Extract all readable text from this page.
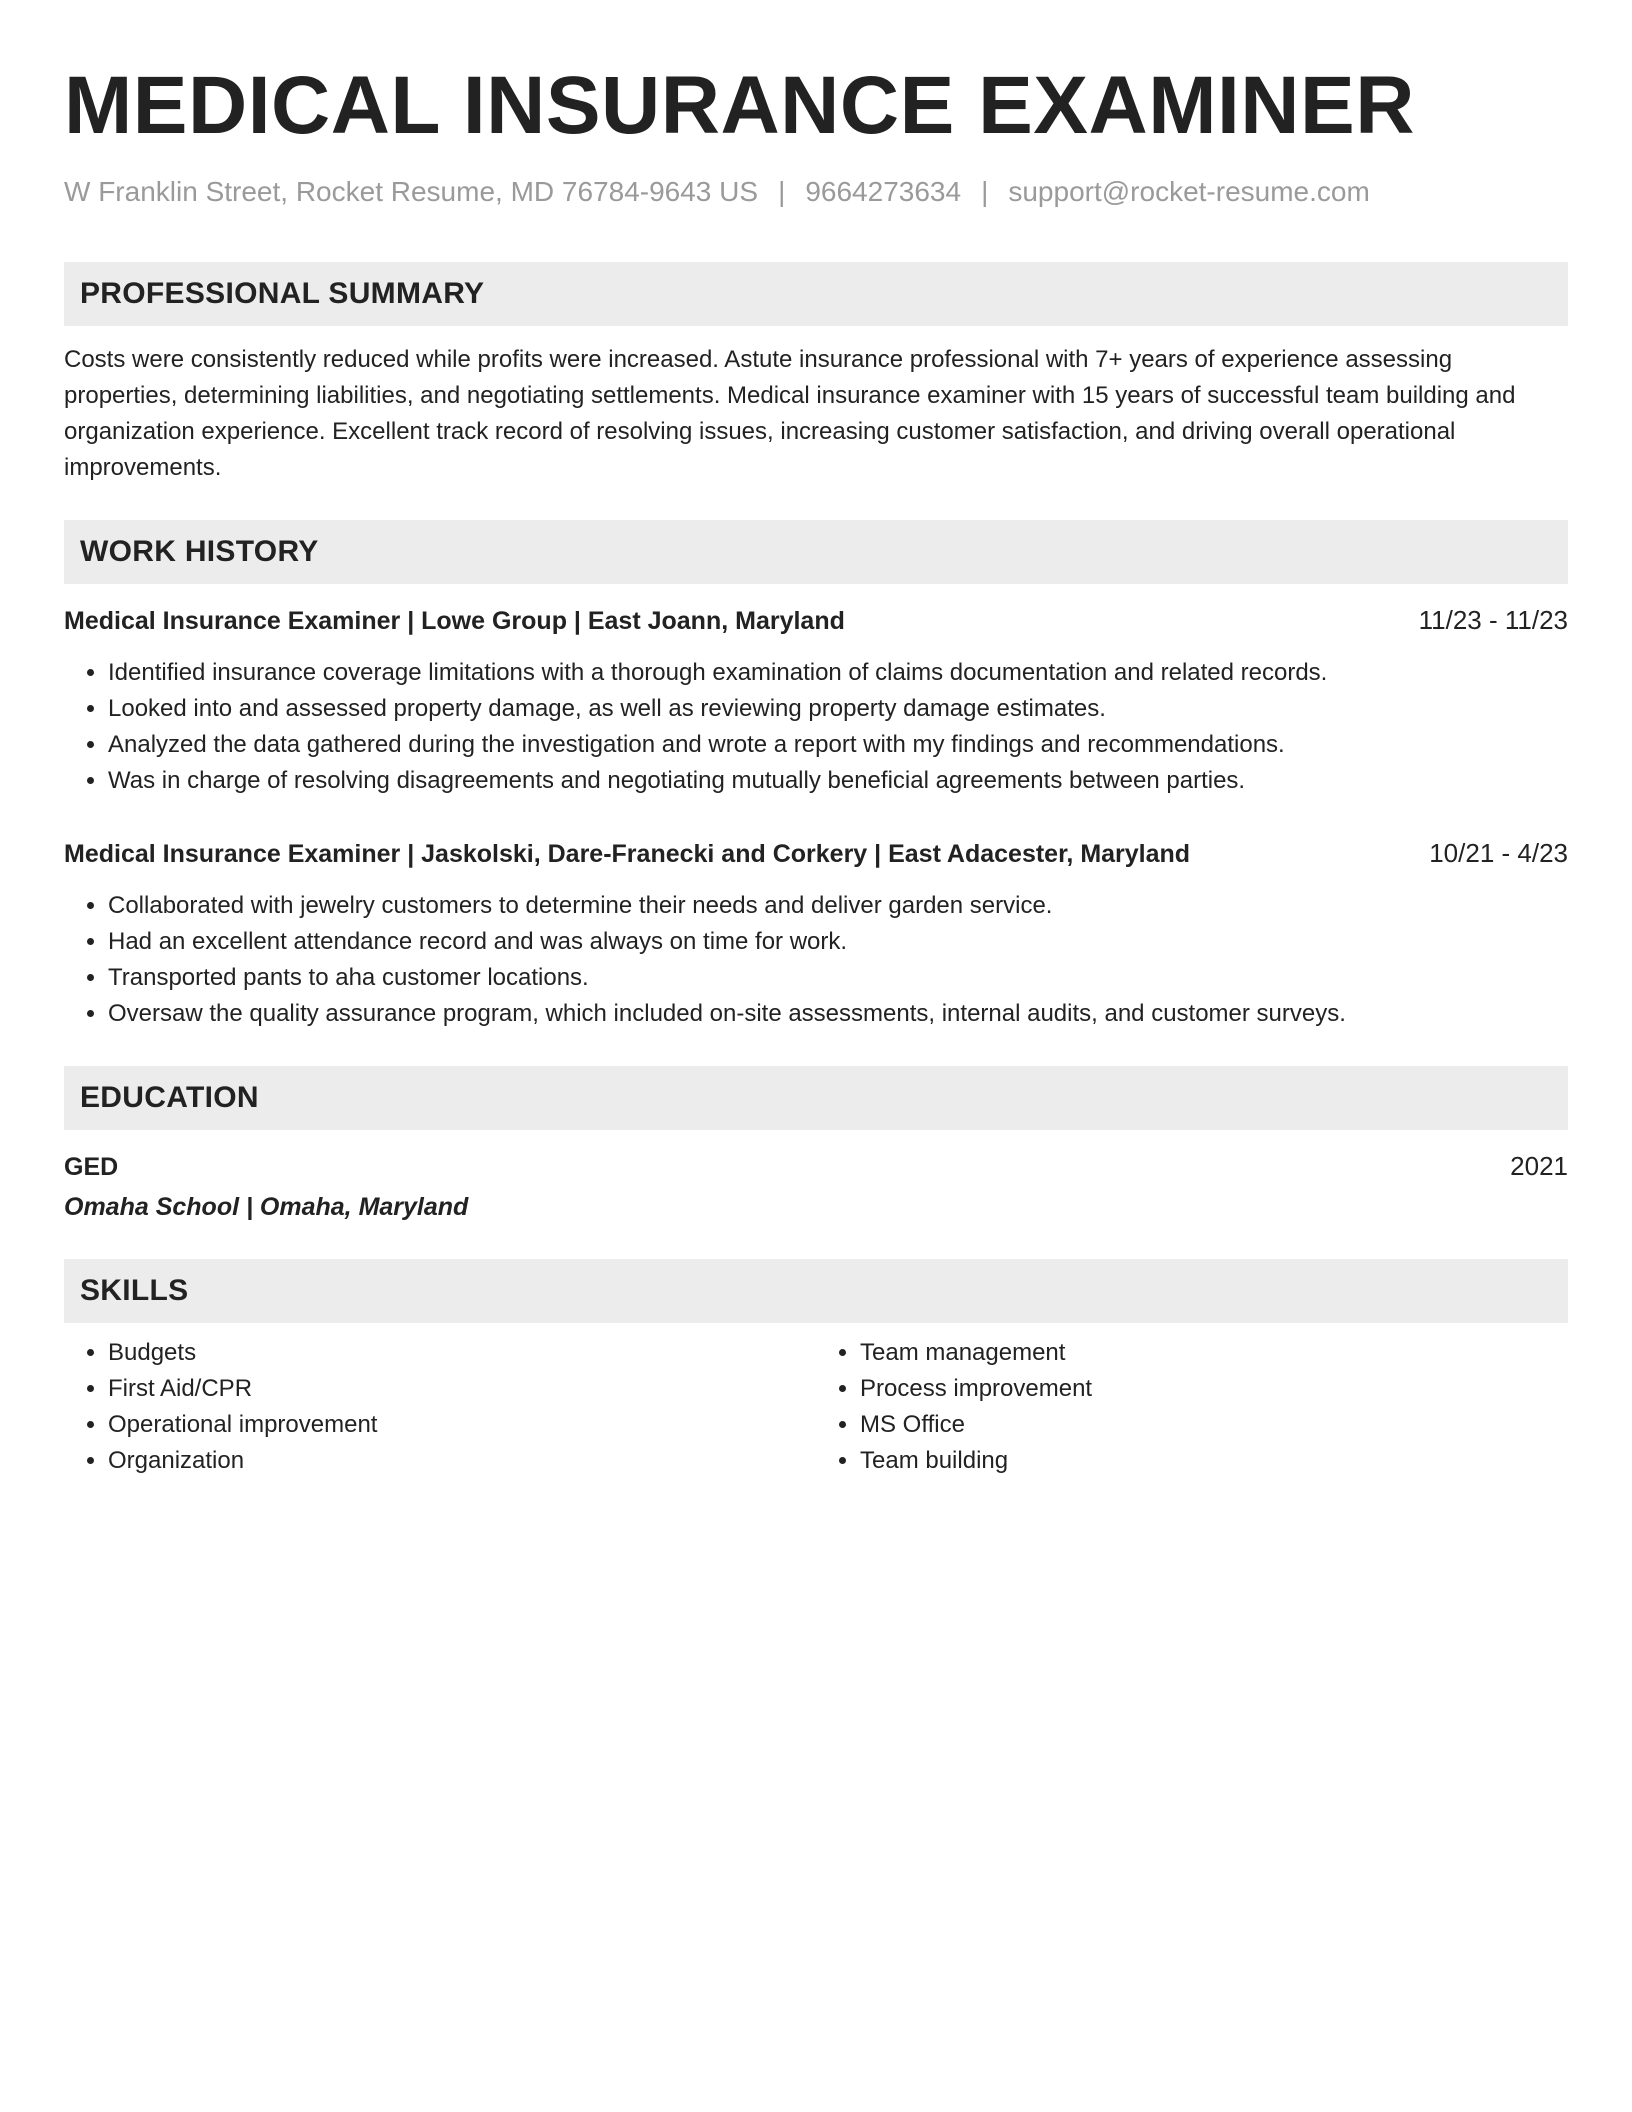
MEDICAL INSURANCE EXAMINER
W Franklin Street, Rocket Resume, MD 76784-9643 US | 9664273634 | support@rocket-resume.com
PROFESSIONAL SUMMARY
Costs were consistently reduced while profits were increased. Astute insurance professional with 7+ years of experience assessing properties, determining liabilities, and negotiating settlements. Medical insurance examiner with 15 years of successful team building and organization experience. Excellent track record of resolving issues, increasing customer satisfaction, and driving overall operational improvements.
WORK HISTORY
Medical Insurance Examiner | Lowe Group | East Joann, Maryland	11/23 - 11/23
• Identified insurance coverage limitations with a thorough examination of claims documentation and related records.
• Looked into and assessed property damage, as well as reviewing property damage estimates.
• Analyzed the data gathered during the investigation and wrote a report with my findings and recommendations.
• Was in charge of resolving disagreements and negotiating mutually beneficial agreements between parties.
Medical Insurance Examiner | Jaskolski, Dare-Franecki and Corkery | East Adacester, Maryland	10/21 - 4/23
• Collaborated with jewelry customers to determine their needs and deliver garden service.
• Had an excellent attendance record and was always on time for work.
• Transported pants to aha customer locations.
• Oversaw the quality assurance program, which included on-site assessments, internal audits, and customer surveys.
EDUCATION
GED	2021
Omaha School | Omaha, Maryland
SKILLS
• Budgets
• First Aid/CPR
• Operational improvement
• Organization
• Team management
• Process improvement
• MS Office
• Team building
